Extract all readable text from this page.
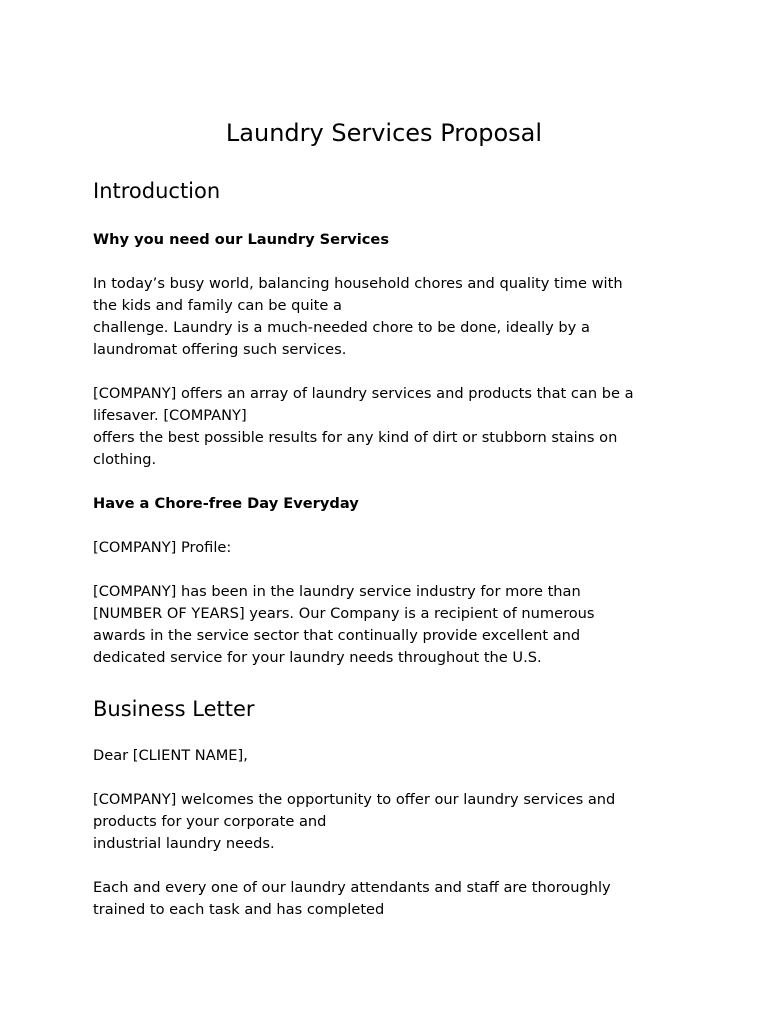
Laundry Services Proposal
Introduction

Why you need our Laundry Services

In today’s busy world, balancing household chores and quality time with
the kids and family can be quite a
challenge. Laundry is a much-needed chore to be done, ideally by a
laundromat offering such services.

[COMPANY] offers an array of laundry services and products that can be a
lifesaver. [COMPANY]
offers the best possible results for any kind of dirt or stubborn stains on
clothing.

Have a Chore-free Day Everyday

[COMPANY] Profile:

[COMPANY] has been in the laundry service industry for more than
[NUMBER OF YEARS] years. Our Company is a recipient of numerous
awards in the service sector that continually provide excellent and
dedicated service for your laundry needs throughout the U.S.

Business Letter

Dear [CLIENT NAME],

[COMPANY] welcomes the opportunity to offer our laundry services and
products for your corporate and
industrial laundry needs.

Each and every one of our laundry attendants and staff are thoroughly
trained to each task and has completed
